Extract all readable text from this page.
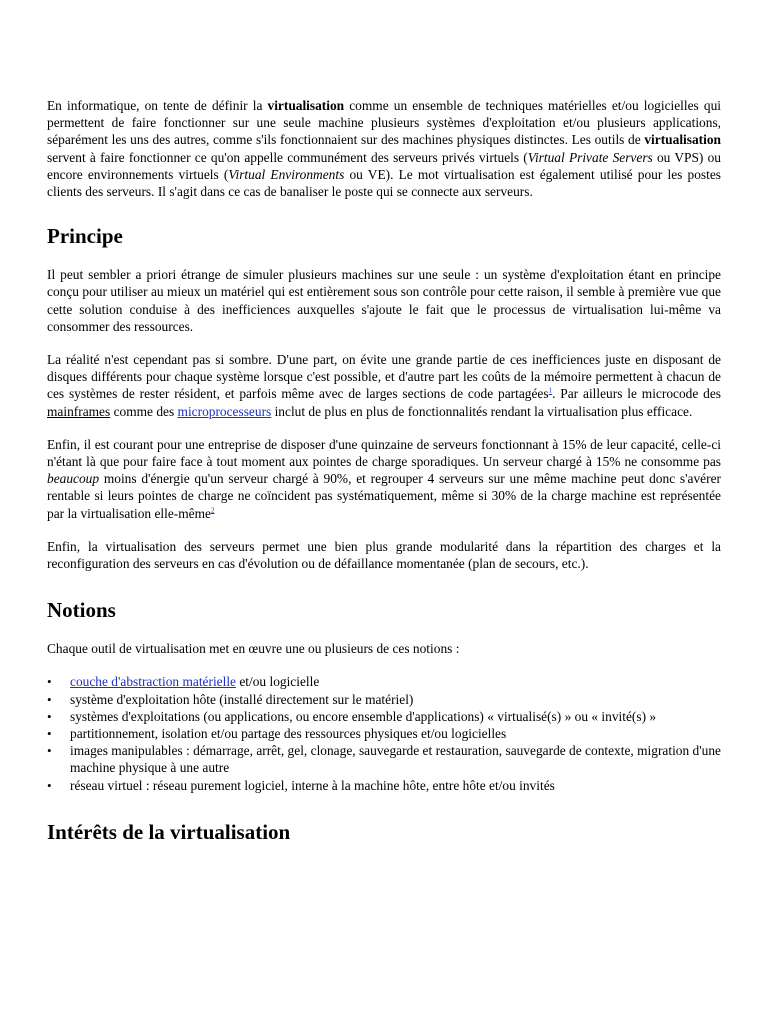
En informatique, on tente de définir la virtualisation comme un ensemble de techniques matérielles et/ou logicielles qui permettent de faire fonctionner sur une seule machine plusieurs systèmes d'exploitation et/ou plusieurs applications, séparément les uns des autres, comme s'ils fonctionnaient sur des machines physiques distinctes. Les outils de virtualisation servent à faire fonctionner ce qu'on appelle communément des serveurs privés virtuels (Virtual Private Servers ou VPS) ou encore environnements virtuels (Virtual Environments ou VE). Le mot virtualisation est également utilisé pour les postes clients des serveurs. Il s'agit dans ce cas de banaliser le poste qui se connecte aux serveurs.

Principe

Il peut sembler a priori étrange de simuler plusieurs machines sur une seule : un système d'exploitation étant en principe conçu pour utiliser au mieux un matériel qui est entièrement sous son contrôle pour cette raison, il semble à première vue que cette solution conduise à des inefficiences auxquelles s'ajoute le fait que le processus de virtualisation lui-même va consommer des ressources.

La réalité n'est cependant pas si sombre. D'une part, on évite une grande partie de ces inefficiences juste en disposant de disques différents pour chaque système lorsque c'est possible, et d'autre part les coûts de la mémoire permettent à chacun de ces systèmes de rester résident, et parfois même avec de larges sections de code partagées$^1$. Par ailleurs le microcode des mainframes comme des microprocesseurs inclut de plus en plus de fonctionnalités rendant la virtualisation plus efficace.

Enfin, il est courant pour une entreprise de disposer d'une quinzaine de serveurs fonctionnant à 15% de leur capacité, celle-ci n'étant là que pour faire face à tout moment aux pointes de charge sporadiques. Un serveur chargé à 15% ne consomme pas beaucoup moins d'énergie qu'un serveur chargé à 90%, et regrouper 4 serveurs sur une même machine peut donc s'avérer rentable si leurs pointes de charge ne coïncident pas systématiquement, même si 30% de la charge machine est représentée par la virtualisation elle-même$^2$

Enfin, la virtualisation des serveurs permet une bien plus grande modularité dans la répartition des charges et la reconfiguration des serveurs en cas d'évolution ou de défaillance momentanée (plan de secours, etc.).

Notions

Chaque outil de virtualisation met en œuvre une ou plusieurs de ces notions :

• couche d'abstraction matérielle et/ou logicielle
• système d'exploitation hôte (installé directement sur le matériel)
• systèmes d'exploitations (ou applications, ou encore ensemble d'applications) « virtualisé(s) » ou « invité(s) »
• partitionnement, isolation et/ou partage des ressources physiques et/ou logicielles
• images manipulables : démarrage, arrêt, gel, clonage, sauvegarde et restauration, sauvegarde de contexte, migration d'une machine physique à une autre
• réseau virtuel : réseau purement logiciel, interne à la machine hôte, entre hôte et/ou invités
Intérêts de la virtualisation
